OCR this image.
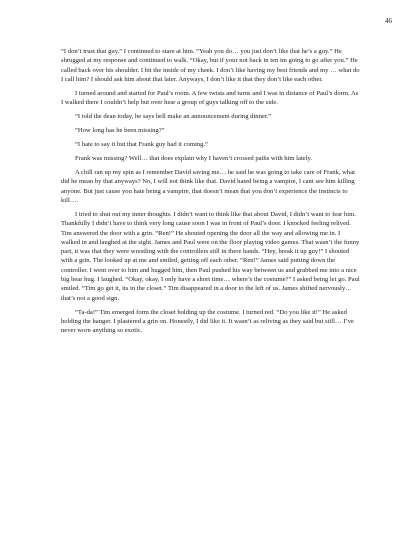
46

“I don’t trust that guy.” I continued to stare at him. “Yeah you do… you just don’t like that he’s a guy.” He shrugged at my response and continued to walk. “Okay, but if your not back in ten im going to go after you.” He called back over his shoulder. I bit the inside of my cheek. I don’t like having my best friends and my … what do I call him? I should ask him about that later. Anyways, I don’t like it that they don’t like each other.

I turned around and started for Paul’s room. A few twists and turns and I was in distance of Paul’s dorm. As I walked there I couldn’t help but over hear a group of guys talking off to the side.

“I told the dean today, he says hell make an announcement during dinner.”

“How long has he been missing?”

“I hate to say it but that Frank guy had it coming.”

Frank was missing? Well… that does explain why I haven’t crossed paths with him lately.

A chill ran up my spin as I remember David saving me… he said he was going to take care of Frank, what did he mean by that anyways? No, I will not think like that. David hated being a vampire, I cant see him killing anyone. But just cause you hate being a vampire, that doesn’t mean that you don’t experience the instincts to kill….

I tried to shut out my inner thoughts. I didn’t want to think like that about David, I didn’t want to fear him. Thankfully I didn’t have to think very long cause soon I was in front of Paul’s door. I knocked feeling relived. Tim answered the door with a grin. “Ren!” He shouted opening the door all the way and allowing me in. I walked in and laughed at the sight. James and Paul were on the floor playing video games. That wasn’t the funny part, it was that they were wrestling with the controllers still in there hands. “Hey, break it up guy!” I shouted with a grin. The looked up at me and smiled, getting off each other. “Ren!” James said putting down the controller. I went over to him and hugged him, then Paul pushed his way between us and grabbed me into a nice big bear hug. I laughed. “Okay, okay, I only have a short time… where’s the costume?” I asked being let go. Paul smiled. “Tim go get it, its in the closet.” Tim disappeared in a door to the left of us. James shifted nervously… that’s not a good sign.

“Ta-da!” Tim emerged form the closet holding up the costume. I turned red. “Do you like it!” He asked holding the hanger. I plastered a grin on. Honestly, I did like it. It wasn’t as reliving as they said but still… I’ve never worn anything so exotic.
